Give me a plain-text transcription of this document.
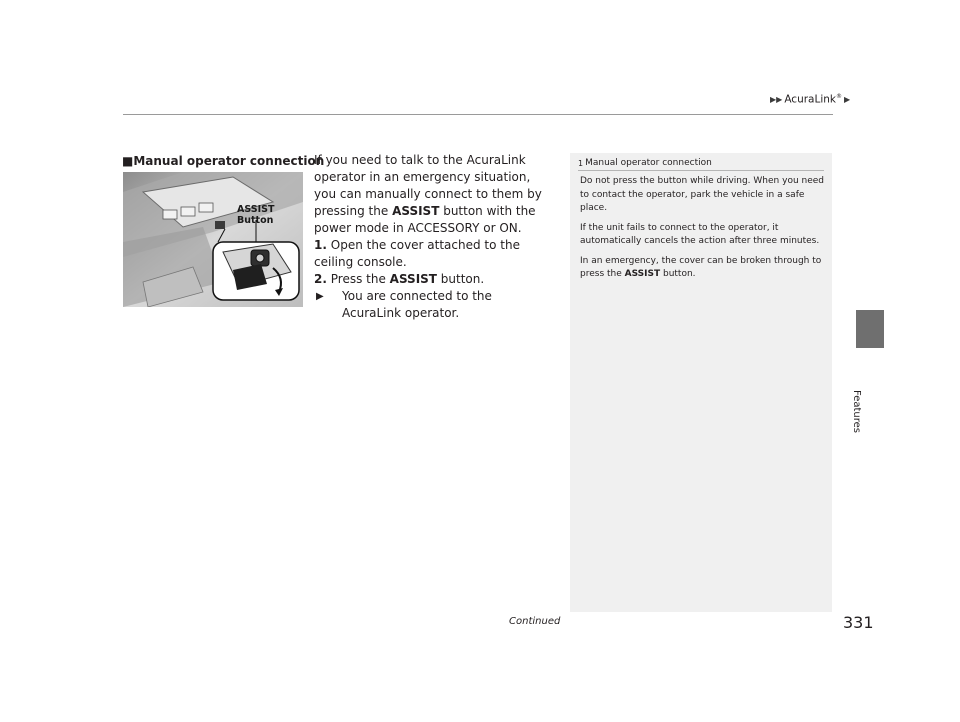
▶▶ AcuraLink® ▶
Features
■Manual operator connection
ASSIST
Button

If you need to talk to the AcuraLink operator in an emergency situation, you can manually connect to them by pressing the ASSIST button with the power mode in ACCESSORY or ON.

1. Open the cover attached to the ceiling console.

2. Press the ASSIST button.

▶	You are connected to the AcuraLink operator.

1 Manual operator connection

Do not press the button while driving. When you need to contact the operator, park the vehicle in a safe place.

If the unit fails to connect to the operator, it automatically cancels the action after three minutes.

In an emergency, the cover can be broken through to press the ASSIST button.

Continued	331
